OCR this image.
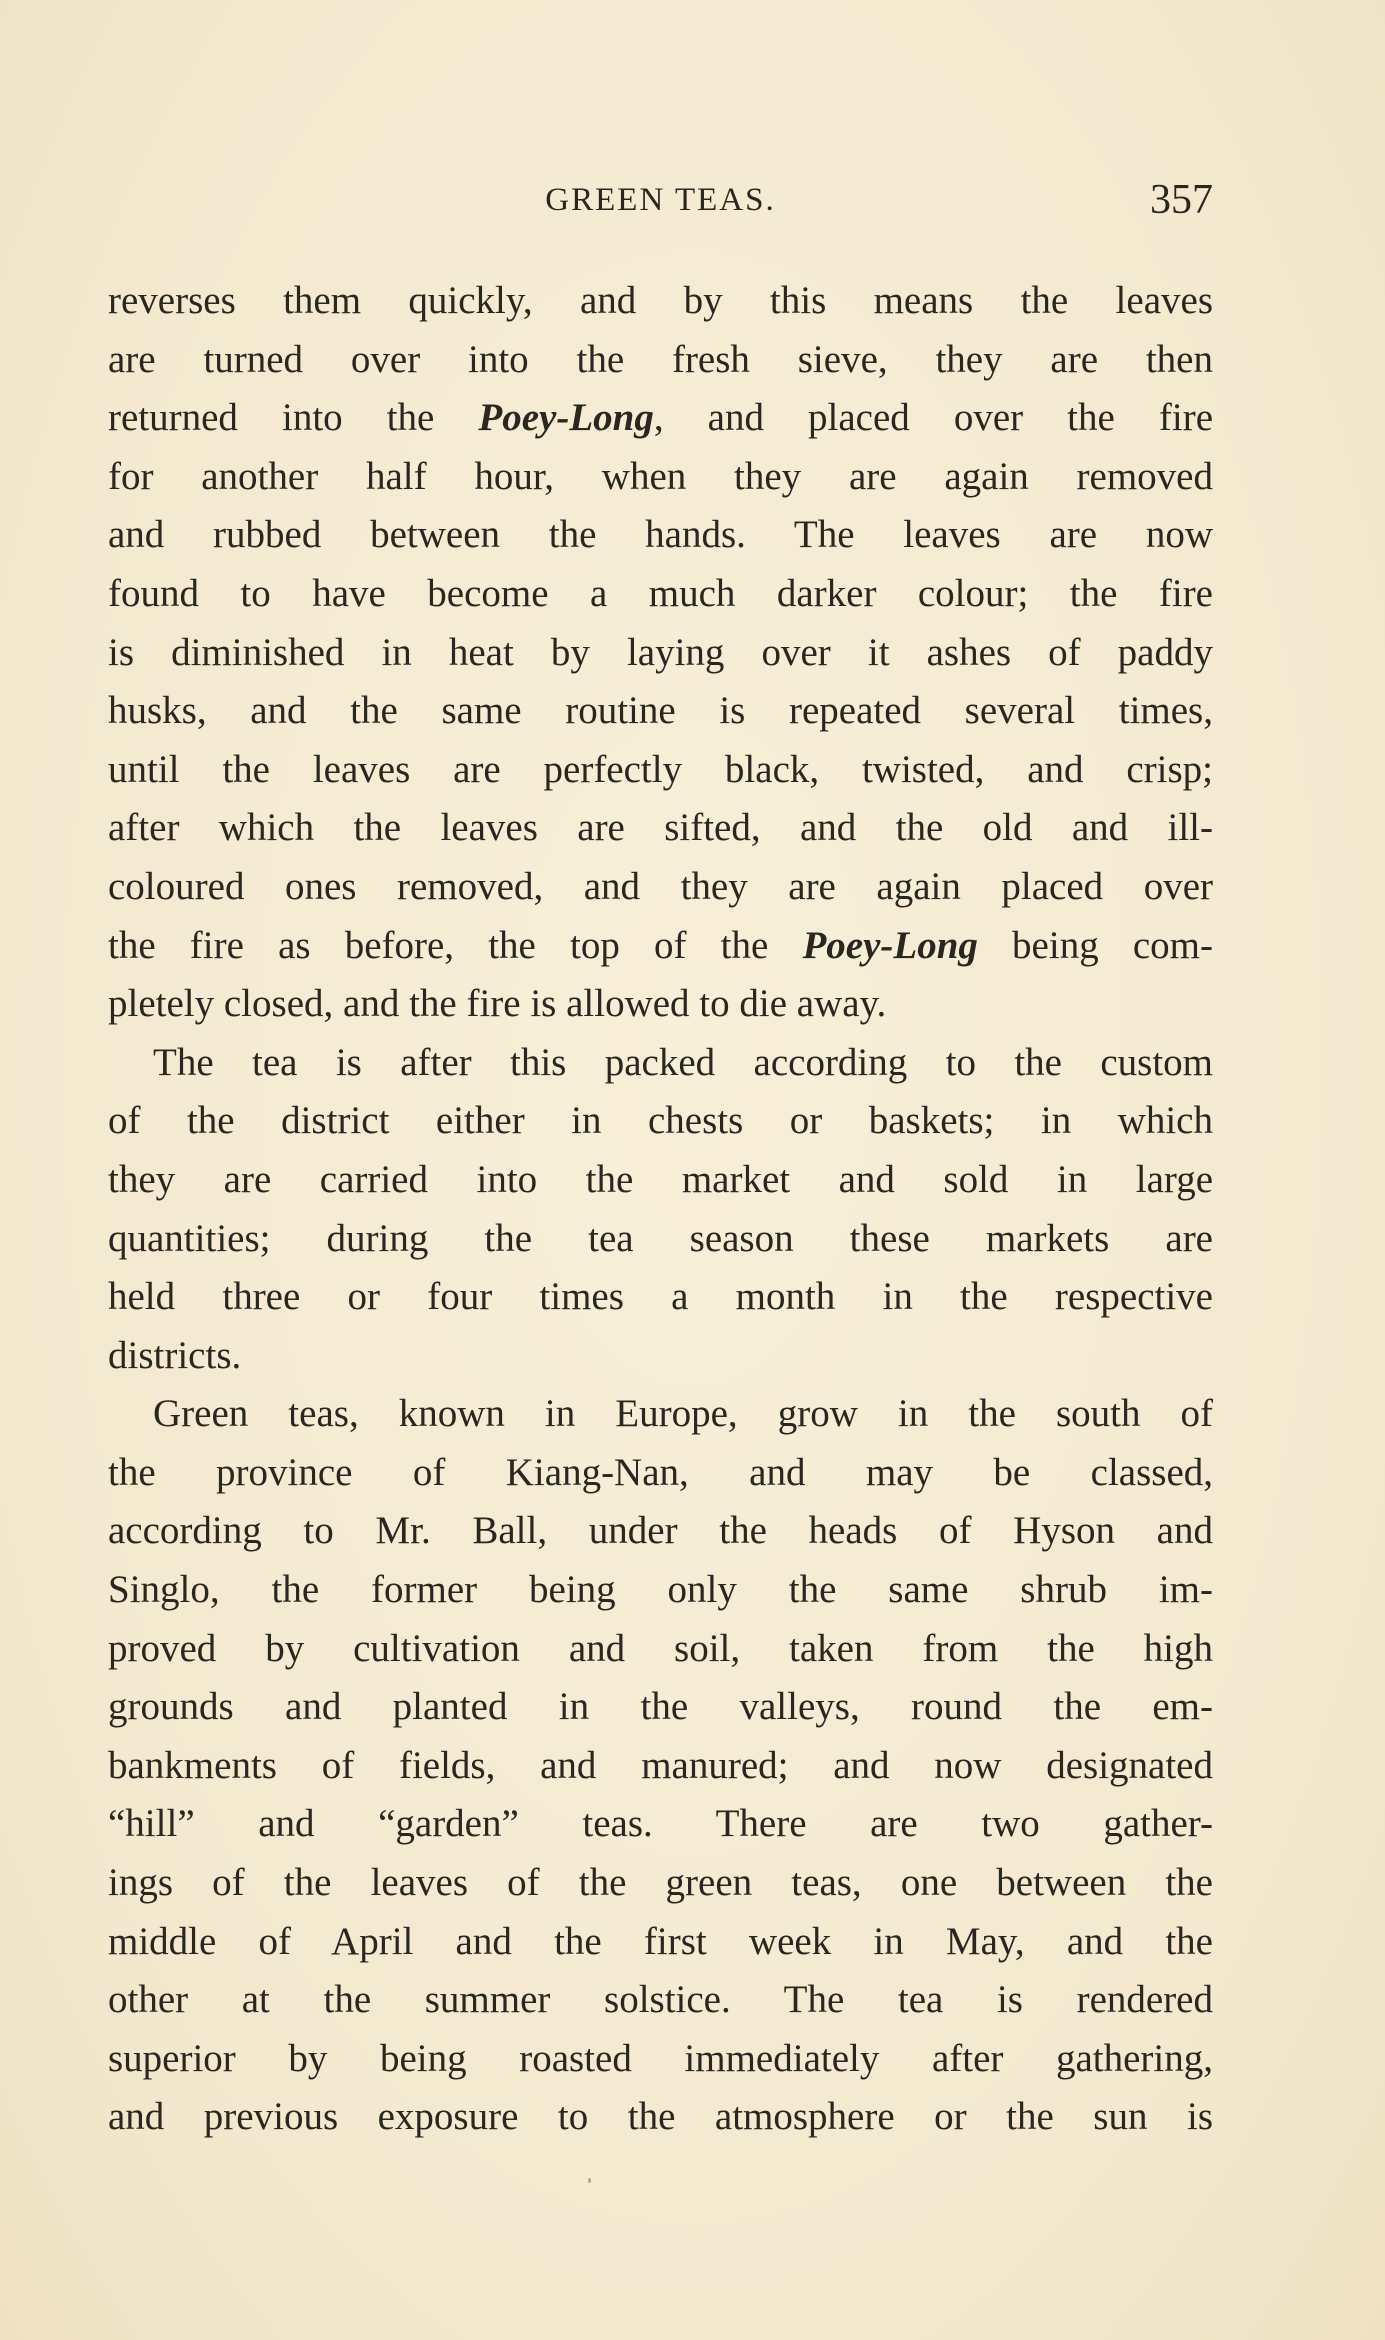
GREEN TEAS.	357
reverses them quickly, and by this means the leaves
are turned over into the fresh sieve, they are then
returned into the Poey-Long, and placed over the fire
for another half hour, when they are again removed
and rubbed between the hands. The leaves are now
found to have become a much darker colour; the fire
is diminished in heat by laying over it ashes of paddy
husks, and the same routine is repeated several times,
until the leaves are perfectly black, twisted, and crisp;
after which the leaves are sifted, and the old and ill-
coloured ones removed, and they are again placed over
the fire as before, the top of the Poey-Long being com-
pletely closed, and the fire is allowed to die away.
The tea is after this packed according to the custom
of the district either in chests or baskets; in which
they are carried into the market and sold in large
quantities; during the tea season these markets are
held three or four times a month in the respective
districts.
Green teas, known in Europe, grow in the south of
the province of Kiang-Nan, and may be classed,
according to Mr. Ball, under the heads of Hyson and
Singlo, the former being only the same shrub im-
proved by cultivation and soil, taken from the high
grounds and planted in the valleys, round the em-
bankments of fields, and manured; and now designated
“hill” and “garden” teas. There are two gather-
ings of the leaves of the green teas, one between the
middle of April and the first week in May, and the
other at the summer solstice. The tea is rendered
superior by being roasted immediately after gathering,
and previous exposure to the atmosphere or the sun is
